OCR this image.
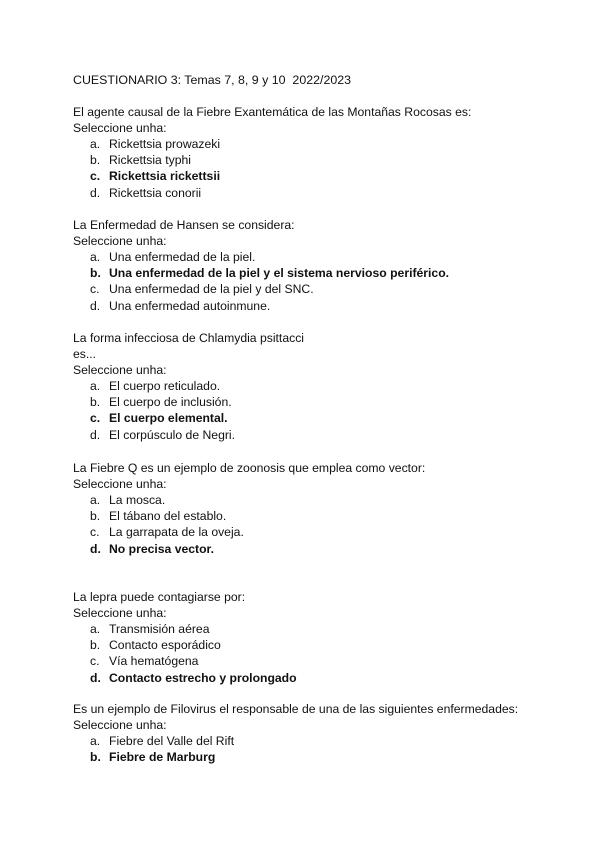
CUESTIONARIO 3: Temas 7, 8, 9 y 10  2022/2023
El agente causal de la Fiebre Exantemática de las Montañas Rocosas es:
Seleccione unha:
a. Rickettsia prowazeki
b. Rickettsia typhi
c. Rickettsia rickettsii
d. Rickettsia conorii
La Enfermedad de Hansen se considera:
Seleccione unha:
a. Una enfermedad de la piel.
b. Una enfermedad de la piel y el sistema nervioso periférico.
c. Una enfermedad de la piel y del SNC.
d. Una enfermedad autoinmune.
La forma infecciosa de Chlamydia psittacci
es...
Seleccione unha:
a. El cuerpo reticulado.
b. El cuerpo de inclusión.
c. El cuerpo elemental.
d. El corpúsculo de Negri.
La Fiebre Q es un ejemplo de zoonosis que emplea como vector:
Seleccione unha:
a. La mosca.
b. El tábano del establo.
c. La garrapata de la oveja.
d. No precisa vector.
La lepra puede contagiarse por:
Seleccione unha:
a. Transmisión aérea
b. Contacto esporádico
c. Vía hematógena
d. Contacto estrecho y prolongado
Es un ejemplo de Filovirus el responsable de una de las siguientes enfermedades:
Seleccione unha:
a. Fiebre del Valle del Rift
b. Fiebre de Marburg
